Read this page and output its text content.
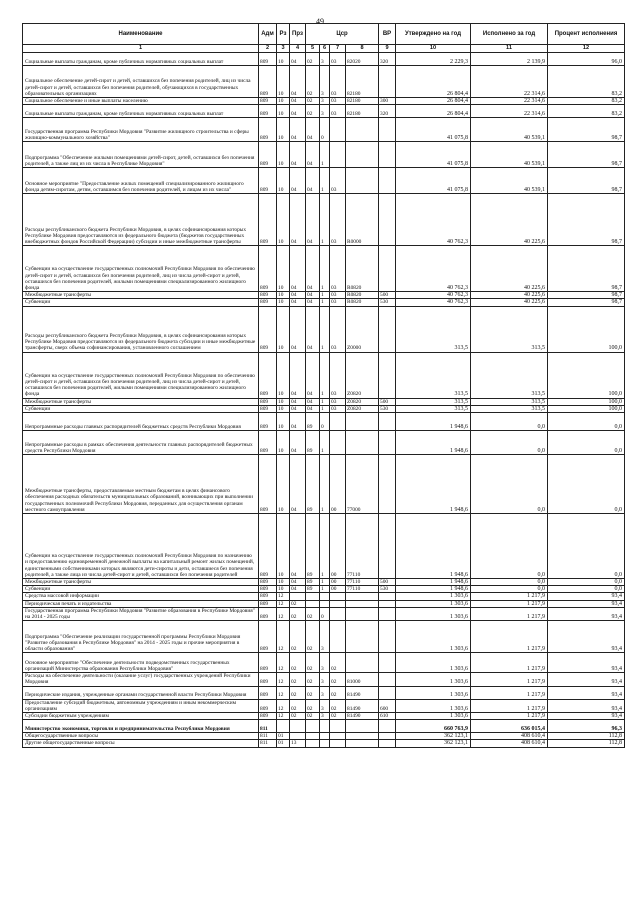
49
Наименование	Адм	Рз	Прз	Цср				ВР	Утверждено на год	Исполнено за год	Процент исполнения
1	2	3	4	5	6	7	8	9	10	11	12
Социальные выплаты гражданам, кроме публичных нормативных социальных выплат	809	10	04	02	3	03	82020	320	2 229,3	2 139,9	96,0
Социальное обеспечение детей-сирот и детей, оставшихся без попечения родителей, лиц из числа детей-сирот и детей, оставшихся без попечения родителей, обучающихся в государственных образовательных организациях	809	10	04	02	3	03	82180		26 804,4	22 314,6	83,2
Социальное обеспечение и иные выплаты населению	809	10	04	02	3	03	82180	300	26 804,4	22 314,6	83,2
Социальные выплаты гражданам, кроме публичных нормативных социальных выплат	809	10	04	02	3	03	82180	320	26 804,4	22 314,6	83,2
Государственная программа Республики Мордовия "Развитие жилищного строительства и сферы жилищно-коммунального хозяйства"	809	10	04	04	0				41 075,8	40 539,1	98,7
Подпрограмма "Обеспечение жилыми помещениями детей-сирот, детей, оставшихся без попечения родителей, а также лиц из их числа в Республике Мордовия"	809	10	04	04	1				41 075,8	40 539,1	98,7
Основное мероприятие "Предоставление жилых помещений специализированного жилищного фонда детям-сиротам, детям, оставшимся без попечения родителей, и лицам из их числа"	809	10	04	04	1	03			41 075,8	40 539,1	98,7
Расходы республиканского бюджета Республики Мордовия, в целях софинансирования которых Республике Мордовия предоставляются из федерального бюджета (бюджетов государственных внебюджетных фондов Российской Федерации) субсидии и иные межбюджетные трансферты	809	10	04	04	1	03	R0000		40 762,3	40 225,6	98,7
Субвенции на осуществление государственных полномочий Республики Мордовия по обеспечению детей-сирот и детей, оставшихся без попечения родителей, лиц из числа детей-сирот и детей, оставшихся без попечения родителей, жилыми помещениями специализированного жилищного фонда	809	10	04	04	1	03	R0820		40 762,3	40 225,6	98,7
Межбюджетные трансферты	809	10	04	04	1	03	R0820	500	40 762,3	40 225,6	98,7
Субвенции	809	10	04	04	1	03	R0820	530	40 762,3	40 225,6	98,7
Расходы республиканского бюджета Республики Мордовия, в целях софинансирования которых Республике Мордовия предоставляются из федерального бюджета субсидии и иные межбюджетные трансферты, сверх объема софинансирования, установленного соглашением	809	10	04	04	1	03	Z0000		313,5	313,5	100,0
Субвенции на осуществление государственных полномочий Республики Мордовия по обеспечению детей-сирот и детей, оставшихся без попечения родителей, лиц из числа детей-сирот и детей, оставшихся без попечения родителей, жилыми помещениями специализированного жилищного фонда	809	10	04	04	1	03	Z0820		313,5	313,5	100,0
Межбюджетные трансферты	809	10	04	04	1	03	Z0820	500	313,5	313,5	100,0
Субвенции	809	10	04	04	1	03	Z0820	530	313,5	313,5	100,0
Непрограммные расходы главных распорядителей бюджетных средств Республики Мордовия	809	10	04	89	0				1 948,6	0,0	0,0
Непрограммные расходы в рамках обеспечения деятельности главных распорядителей бюджетных средств Республики Мордовия	809	10	04	89	1				1 948,6	0,0	0,0
Межбюджетные трансферты, предоставляемые местным бюджетам в целях финансового обеспечения расходных обязательств муниципальных образований, возникающих при выполнении государственных полномочий Республики Мордовия, переданных для осуществления органам местного самоуправления	809	10	04	89	1	00	77000		1 948,6	0,0	0,0
Субвенции на осуществление государственных полномочий Республики Мордовия по назначению и предоставлению единовременной денежной выплаты на капитальный ремонт жилых помещений, единственными собственниками которых являются дети-сироты и дети, оставшиеся без попечения родителей, а также лица из числа детей-сирот и детей, оставшихся без попечения родителей	809	10	04	89	1	00	77110		1 948,6	0,0	0,0
Межбюджетные трансферты	809	10	04	89	1	00	77110	500	1 948,6	0,0	0,0
Субвенции	809	10	04	89	1	00	77110	530	1 948,6	0,0	0,0
Средства массовой информации	809	12							1 303,6	1 217,9	93,4
Периодическая печать и издательства	809	12	02						1 303,6	1 217,9	93,4
Государственная программа Республики Мордовия "Развитие образования в Республике Мордовия" на 2014 - 2025 годы	809	12	02	02	0				1 303,6	1 217,9	93,4
Подпрограмма "Обеспечение реализации государственной программы Республики Мордовия "Развитие образования в Республике Мордовия" на 2014 - 2025 годы и прочие мероприятия в области образования"	809	12	02	02	3				1 303,6	1 217,9	93,4
Основное мероприятие "Обеспечение деятельности подведомственных государственных организаций Министерства образования Республики Мордовия"	809	12	02	02	3	02			1 303,6	1 217,9	93,4
Расходы на обеспечение деятельности (оказание услуг) государственных учреждений Республики Мордовия	809	12	02	02	3	02	81000		1 303,6	1 217,9	93,4
Периодические издания, учрежденные органами государственной власти Республики Мордовия	809	12	02	02	3	02	81490		1 303,6	1 217,9	93,4
Предоставление субсидий бюджетным, автономным учреждениям и иным некоммерческим организациям	809	12	02	02	3	02	81490	600	1 303,6	1 217,9	93,4
Субсидии бюджетным учреждениям	809	12	02	02	3	02	81490	610	1 303,6	1 217,9	93,4
Министерство экономики, торговли и предпринимательства Республики Мордовия	811								660 763,9	636 015,4	96,3
Общегосударственные вопросы	811	01							362 123,1	408 610,4	112,8
Другие общегосударственные вопросы	811	01	13						362 123,1	408 610,4	112,8
